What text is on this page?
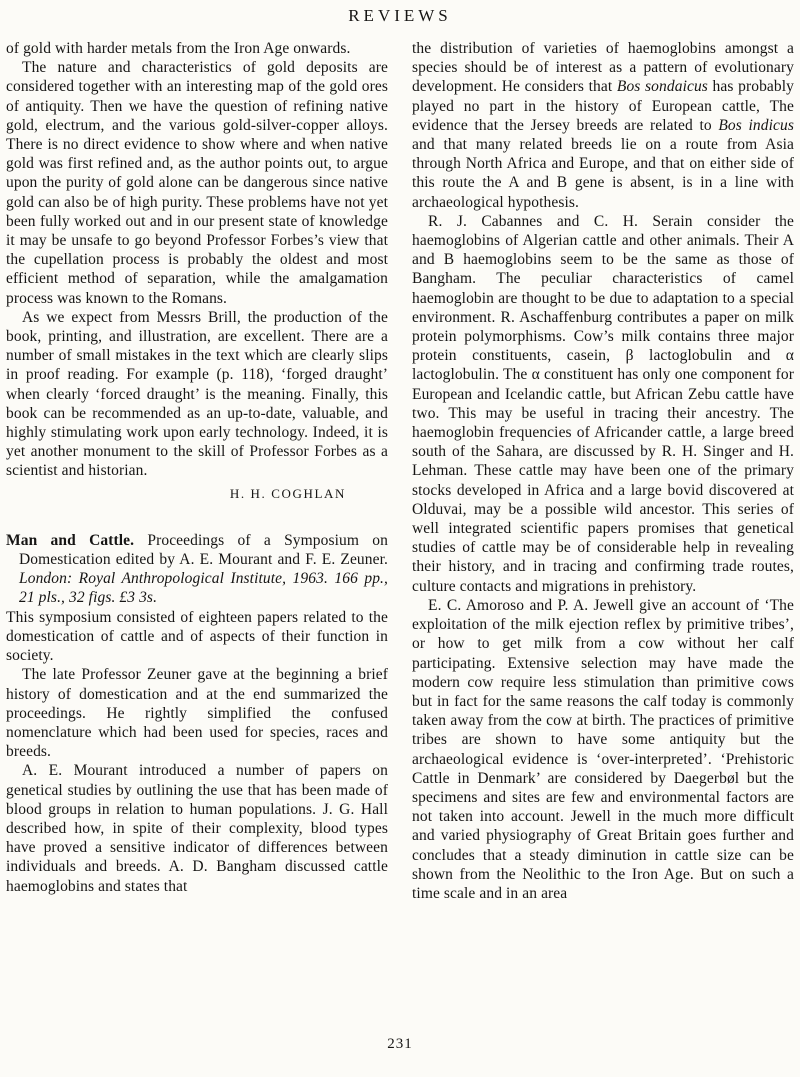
REVIEWS

of gold with harder metals from the Iron Age onwards.

The nature and characteristics of gold deposits are considered together with an interesting map of the gold ores of antiquity. Then we have the question of refining native gold, electrum, and the various gold-silver-copper alloys. There is no direct evidence to show where and when native gold was first refined and, as the author points out, to argue upon the purity of gold alone can be dangerous since native gold can also be of high purity. These problems have not yet been fully worked out and in our present state of knowledge it may be unsafe to go beyond Professor Forbes’s view that the cupellation process is probably the oldest and most efficient method of separation, while the amalgamation process was known to the Romans.

As we expect from Messrs Brill, the production of the book, printing, and illustration, are excellent. There are a number of small mistakes in the text which are clearly slips in proof reading. For example (p. 118), ‘forged draught’ when clearly ‘forced draught’ is the meaning. Finally, this book can be recommended as an up-to-date, valuable, and highly stimulating work upon early technology. Indeed, it is yet another monument to the skill of Professor Forbes as a scientist and historian.

H. H. COGHLAN
Man and Cattle. Proceedings of a Symposium on Domestication edited by A. E. Mourant and F. E. Zeuner. London: Royal Anthropological Institute, 1963. 166 pp., 21 pls., 32 figs. £3 3s.

This symposium consisted of eighteen papers related to the domestication of cattle and of aspects of their function in society.

The late Professor Zeuner gave at the beginning a brief history of domestication and at the end summarized the proceedings. He rightly simplified the confused nomenclature which had been used for species, races and breeds.

A. E. Mourant introduced a number of papers on genetical studies by outlining the use that has been made of blood groups in relation to human populations. J. G. Hall described how, in spite of their complexity, blood types have proved a sensitive indicator of differences between individuals and breeds. A. D. Bangham discussed cattle haemoglobins and states that

the distribution of varieties of haemoglobins amongst a species should be of interest as a pattern of evolutionary development. He considers that Bos sondaicus has probably played no part in the history of European cattle, The evidence that the Jersey breeds are related to Bos indicus and that many related breeds lie on a route from Asia through North Africa and Europe, and that on either side of this route the A and B gene is absent, is in a line with archaeological hypothesis.

R. J. Cabannes and C. H. Serain consider the haemoglobins of Algerian cattle and other animals. Their A and B haemoglobins seem to be the same as those of Bangham. The peculiar characteristics of camel haemoglobin are thought to be due to adaptation to a special environment. R. Aschaffenburg contributes a paper on milk protein polymorphisms. Cow’s milk contains three major protein constituents, casein, β lactoglobulin and α lactoglobulin. The α constituent has only one component for European and Icelandic cattle, but African Zebu cattle have two. This may be useful in tracing their ancestry. The haemoglobin frequencies of Africander cattle, a large breed south of the Sahara, are discussed by R. H. Singer and H. Lehman. These cattle may have been one of the primary stocks developed in Africa and a large bovid discovered at Olduvai, may be a possible wild ancestor. This series of well integrated scientific papers promises that genetical studies of cattle may be of considerable help in revealing their history, and in tracing and confirming trade routes, culture contacts and migrations in prehistory.

E. C. Amoroso and P. A. Jewell give an account of ‘The exploitation of the milk ejection reflex by primitive tribes’, or how to get milk from a cow without her calf participating. Extensive selection may have made the modern cow require less stimulation than primitive cows but in fact for the same reasons the calf today is commonly taken away from the cow at birth. The practices of primitive tribes are shown to have some antiquity but the archaeological evidence is ‘over-interpreted’. ‘Prehistoric Cattle in Denmark’ are considered by Daegerbøl but the specimens and sites are few and environmental factors are not taken into account. Jewell in the much more difficult and varied physiography of Great Britain goes further and concludes that a steady diminution in cattle size can be shown from the Neolithic to the Iron Age. But on such a time scale and in an area

231
